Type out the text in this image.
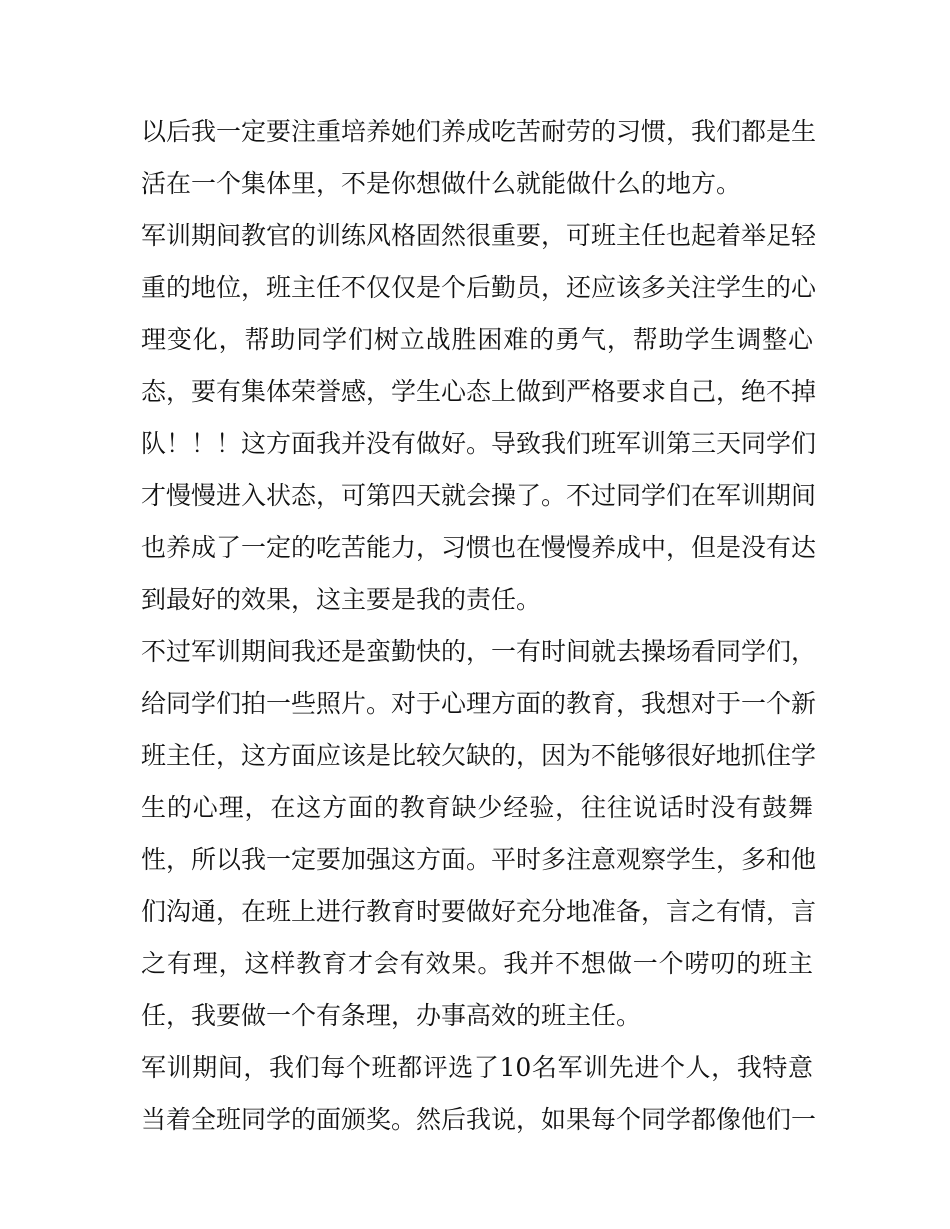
以后我一定要注重培养她们养成吃苦耐劳的习惯，我们都是生
活在一个集体里，不是你想做什么就能做什么的地方。
军训期间教官的训练风格固然很重要，可班主任也起着举足轻
重的地位，班主任不仅仅是个后勤员，还应该多关注学生的心
理变化，帮助同学们树立战胜困难的勇气，帮助学生调整心
态，要有集体荣誉感，学生心态上做到严格要求自己，绝不掉
队！！！这方面我并没有做好。导致我们班军训第三天同学们
才慢慢进入状态，可第四天就会操了。不过同学们在军训期间
也养成了一定的吃苦能力，习惯也在慢慢养成中，但是没有达
到最好的效果，这主要是我的责任。
不过军训期间我还是蛮勤快的，一有时间就去操场看同学们，
给同学们拍一些照片。对于心理方面的教育，我想对于一个新
班主任，这方面应该是比较欠缺的，因为不能够很好地抓住学
生的心理，在这方面的教育缺少经验，往往说话时没有鼓舞
性，所以我一定要加强这方面。平时多注意观察学生，多和他
们沟通，在班上进行教育时要做好充分地准备，言之有情，言
之有理，这样教育才会有效果。我并不想做一个唠叨的班主
任，我要做一个有条理，办事高效的班主任。
军训期间，我们每个班都评选了10名军训先进个人，我特意
当着全班同学的面颁奖。然后我说，如果每个同学都像他们一
